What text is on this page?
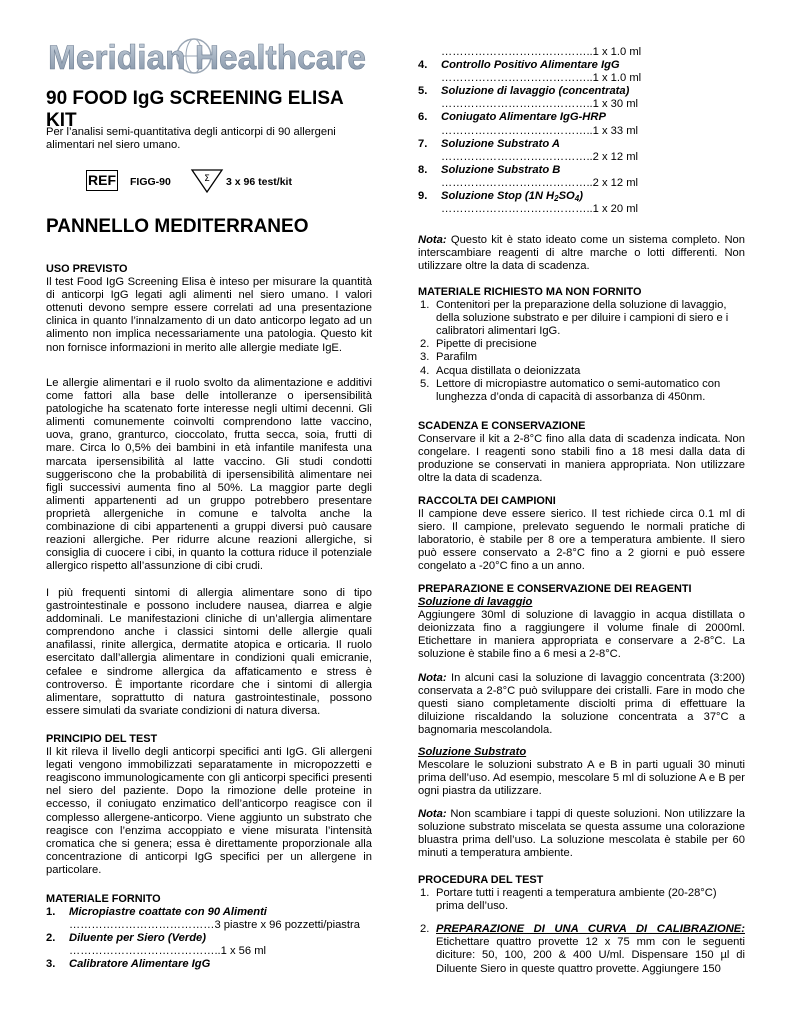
Meridian Healthcare
90 FOOD IgG SCREENING ELISA KIT

Per l’analisi semi-quantitativa degli anticorpi di 90 allergeni alimentari nel siero umano.

REF FIGG-90	Σ 3 x 96 test/kit
PANNELLO MEDITERRANEO

USO PREVISTO

Il test Food IgG Screening Elisa è inteso per misurare la quantità di anticorpi IgG legati agli alimenti nel siero umano. I valori ottenuti devono sempre essere correlati ad una presentazione clinica in quanto l’innalzamento di un dato anticorpo legato ad un alimento non implica necessariamente una patologia. Questo kit non fornisce informazioni in merito alle allergie mediate IgE.

Le allergie alimentari e il ruolo svolto da alimentazione e additivi come fattori alla base delle intolleranze o ipersensibilità patologiche ha scatenato forte interesse negli ultimi decenni. Gli alimenti comunemente coinvolti comprendono latte vaccino, uova, grano, granturco, cioccolato, frutta secca, soia, frutti di mare. Circa lo 0,5% dei bambini in età infantile manifesta una marcata ipersensibilità al latte vaccino. Gli studi condotti suggeriscono che la probabilità di ipersensibilità alimentare nei figli successivi aumenta fino al 50%. La maggior parte degli alimenti appartenenti ad un gruppo potrebbero presentare proprietà allergeniche in comune e talvolta anche la combinazione di cibi appartenenti a gruppi diversi può causare reazioni allergiche. Per ridurre alcune reazioni allergiche, si consiglia di cuocere i cibi, in quanto la cottura riduce il potenziale allergico rispetto all’assunzione di cibi crudi.

I più frequenti sintomi di allergia alimentare sono di tipo gastrointestinale e possono includere nausea, diarrea e algie addominali. Le manifestazioni cliniche di un’allergia alimentare comprendono anche i classici sintomi delle allergie quali anafilassi, rinite allergica, dermatite atopica e orticaria. Il ruolo esercitato dall’allergia alimentare in condizioni quali emicranie, cefalee e sindrome allergica da affaticamento e stress è controverso. È importante ricordare che i sintomi di allergia alimentare, soprattutto di natura gastrointestinale, possono essere simulati da svariate condizioni di natura diversa.

PRINCIPIO DEL TEST

Il kit rileva il livello degli anticorpi specifici anti IgG. Gli allergeni legati vengono immobilizzati separatamente in micropozzetti e reagiscono immunologicamente con gli anticorpi specifici presenti nel siero del paziente. Dopo la rimozione delle proteine in eccesso, il coniugato enzimatico dell’anticorpo reagisce con il complesso allergene-anticorpo. Viene aggiunto un substrato che reagisce con l’enzima accoppiato e viene misurata l’intensità cromatica che si genera; essa è direttamente proporzionale alla concentrazione di anticorpi IgG specifici per un allergene in particolare.

MATERIALE FORNITO

1. Micropiastre coattate con 90 Alimenti
…………………………………3 piastre x 96 pozzetti/piastra
2. Diluente per Siero (Verde)
…………………………………..1 x 56 ml
3. Calibratore Alimentare IgG
…………………………………..1 x 1.0 ml
4. Controllo Positivo Alimentare IgG
…………………………………..1 x 1.0 ml
5. Soluzione di lavaggio (concentrata)
…………………………………..1 x 30 ml
6. Coniugato Alimentare IgG-HRP
…………………………………..1 x 33 ml
7. Soluzione Substrato A
…………………………………..2 x 12 ml
8. Soluzione Substrato B
…………………………………..2 x 12 ml
9. Soluzione Stop (1N $H_2SO_4$)
…………………………………..1 x 20 ml

Nota: Questo kit è stato ideato come un sistema completo. Non interscambiare reagenti di altre marche o lotti differenti. Non utilizzare oltre la data di scadenza.

MATERIALE RICHIESTO MA NON FORNITO

1. Contenitori per la preparazione della soluzione di lavaggio, della soluzione substrato e per diluire i campioni di siero e i calibratori alimentari IgG.
2. Pipette di precisione
3. Parafilm
4. Acqua distillata o deionizzata
5. Lettore di micropiastre automatico o semi-automatico con lunghezza d’onda di capacità di assorbanza di 450nm.

SCADENZA E CONSERVAZIONE

Conservare il kit a 2-8°C fino alla data di scadenza indicata. Non congelare. I reagenti sono stabili fino a 18 mesi dalla data di produzione se conservati in maniera appropriata. Non utilizzare oltre la data di scadenza.

RACCOLTA DEI CAMPIONI

Il campione deve essere sierico. Il test richiede circa 0.1 ml di siero. Il campione, prelevato seguendo le normali pratiche di laboratorio, è stabile per 8 ore a temperatura ambiente. Il siero può essere conservato a 2-8°C fino a 2 giorni e può essere congelato a -20°C fino a un anno.

PREPARAZIONE E CONSERVAZIONE DEI REAGENTI

Soluzione di lavaggio

Aggiungere 30ml di soluzione di lavaggio in acqua distillata o deionizzata fino a raggiungere il volume finale di 2000ml. Etichettare in maniera appropriata e conservare a 2-8°C. La soluzione è stabile fino a 6 mesi a 2-8°C.

Nota: In alcuni casi la soluzione di lavaggio concentrata (3:200) conservata a 2-8°C può sviluppare dei cristalli. Fare in modo che questi siano completamente disciolti prima di effettuare la diluizione riscaldando la soluzione concentrata a 37°C a bagnomaria mescolandola.

Soluzione Substrato

Mescolare le soluzioni substrato A e B in parti uguali 30 minuti prima dell’uso. Ad esempio, mescolare 5 ml di soluzione A e B per ogni piastra da utilizzare.

Nota: Non scambiare i tappi di queste soluzioni. Non utilizzare la soluzione substrato miscelata se questa assume una colorazione bluastra prima dell’uso. La soluzione mescolata è stabile per 60 minuti a temperatura ambiente.

PROCEDURA DEL TEST

1. Portare tutti i reagenti a temperatura ambiente (20-28°C) prima dell’uso.
2. PREPARAZIONE DI UNA CURVA DI CALIBRAZIONE: Etichettare quattro provette 12 x 75 mm con le seguenti diciture: 50, 100, 200 & 400 U/ml. Dispensare 150 µl di Diluente Siero in queste quattro provette. Aggiungere 150
